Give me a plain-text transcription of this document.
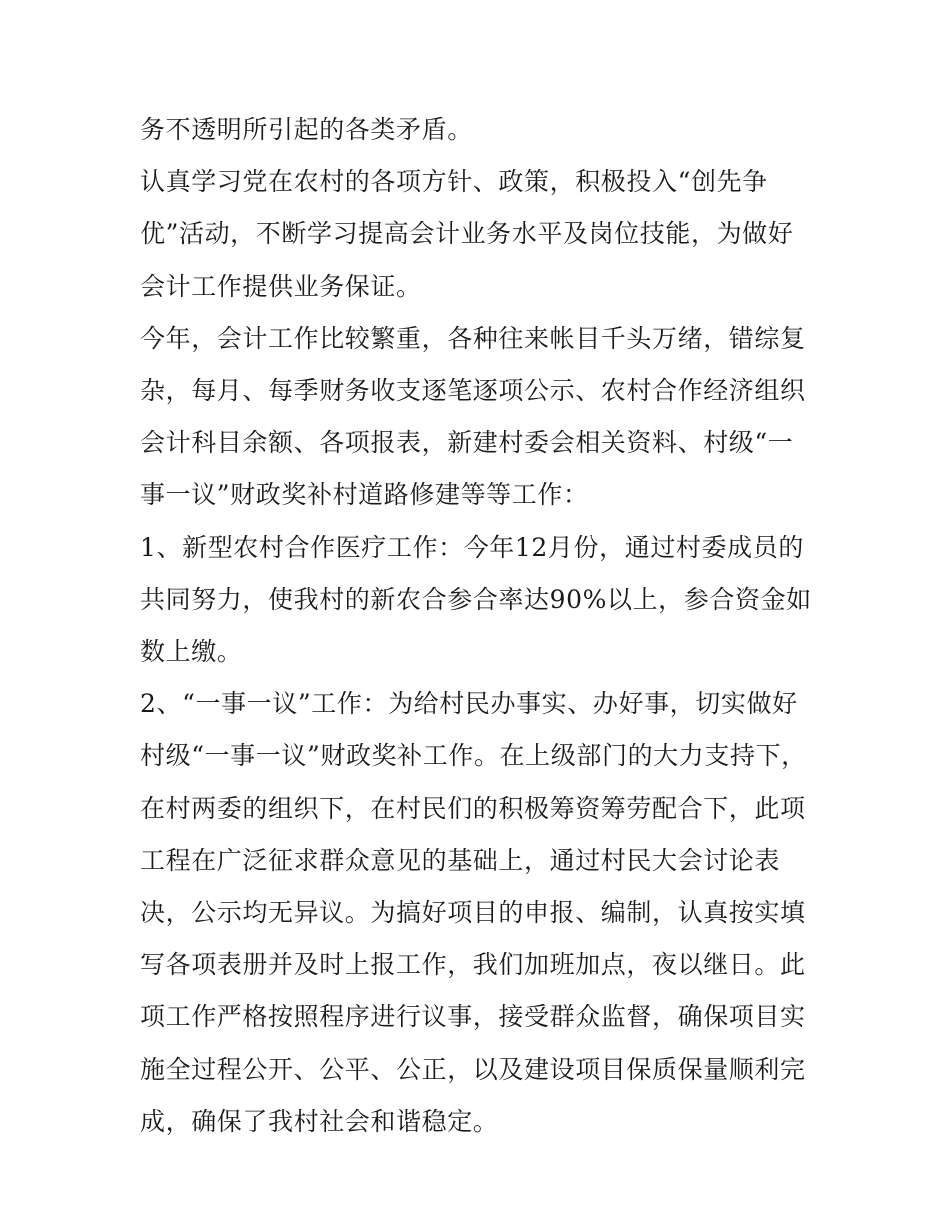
务不透明所引起的各类矛盾。

认真学习党在农村的各项方针、政策，积极投入“创先争优”活动，不断学习提高会计业务水平及岗位技能，为做好会计工作提供业务保证。

今年，会计工作比较繁重，各种往来帐目千头万绪，错综复杂，每月、每季财务收支逐笔逐项公示、农村合作经济组织会计科目余额、各项报表，新建村委会相关资料、村级“一事一议”财政奖补村道路修建等等工作：

1、新型农村合作医疗工作：今年12月份，通过村委成员的共同努力，使我村的新农合参合率达90%以上，参合资金如数上缴。

2、“一事一议”工作：为给村民办事实、办好事，切实做好村级“一事一议”财政奖补工作。在上级部门的大力支持下，在村两委的组织下，在村民们的积极筹资筹劳配合下，此项工程在广泛征求群众意见的基础上，通过村民大会讨论表决，公示均无异议。为搞好项目的申报、编制，认真按实填写各项表册并及时上报工作，我们加班加点，夜以继日。此项工作严格按照程序进行议事，接受群众监督，确保项目实施全过程公开、公平、公正，以及建设项目保质保量顺利完成，确保了我村社会和谐稳定。
